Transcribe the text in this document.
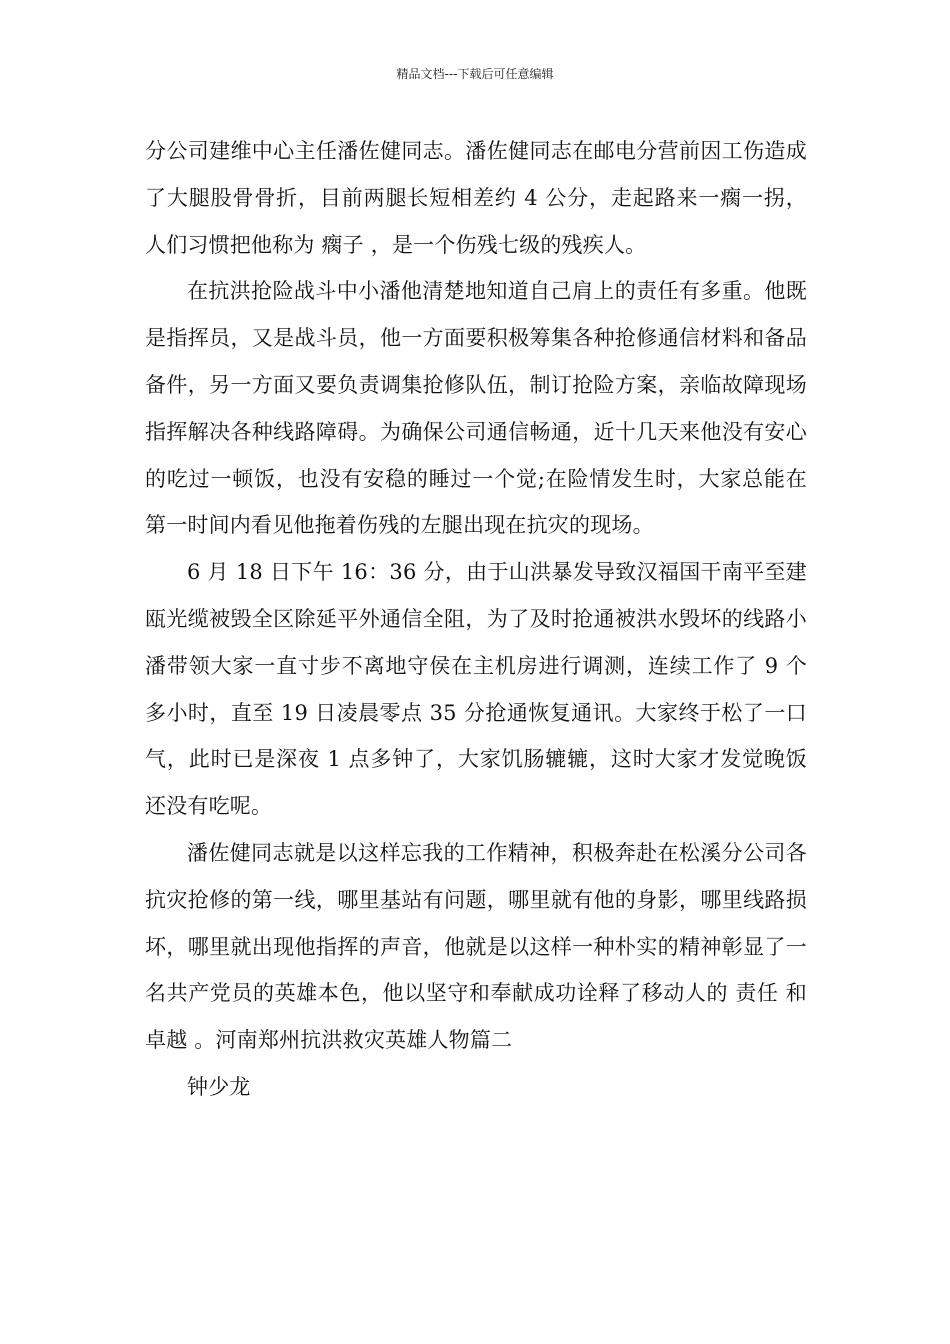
精品文档---下载后可任意编辑

分公司建维中心主任潘佐健同志。潘佐健同志在邮电分营前因工伤造成了大腿股骨骨折，目前两腿长短相差约 4 公分，走起路来一瘸一拐，人们习惯把他称为 瘸子 ，是一个伤残七级的残疾人。

在抗洪抢险战斗中小潘他清楚地知道自己肩上的责任有多重。他既是指挥员，又是战斗员，他一方面要积极筹集各种抢修通信材料和备品备件，另一方面又要负责调集抢修队伍，制订抢险方案，亲临故障现场指挥解决各种线路障碍。为确保公司通信畅通，近十几天来他没有安心的吃过一顿饭，也没有安稳的睡过一个觉;在险情发生时，大家总能在第一时间内看见他拖着伤残的左腿出现在抗灾的现场。

6 月 18 日下午 16：36 分，由于山洪暴发导致汉福国干南平至建瓯光缆被毁全区除延平外通信全阻，为了及时抢通被洪水毁坏的线路小潘带领大家一直寸步不离地守侯在主机房进行调测，连续工作了 9 个多小时，直至 19 日凌晨零点 35 分抢通恢复通讯。大家终于松了一口气，此时已是深夜 1 点多钟了，大家饥肠辘辘，这时大家才发觉晚饭还没有吃呢。

潘佐健同志就是以这样忘我的工作精神，积极奔赴在松溪分公司各抗灾抢修的第一线，哪里基站有问题，哪里就有他的身影，哪里线路损坏，哪里就出现他指挥的声音，他就是以这样一种朴实的精神彰显了一名共产党员的英雄本色，他以坚守和奉献成功诠释了移动人的 责任 和 卓越 。河南郑州抗洪救灾英雄人物篇二

钟少龙
